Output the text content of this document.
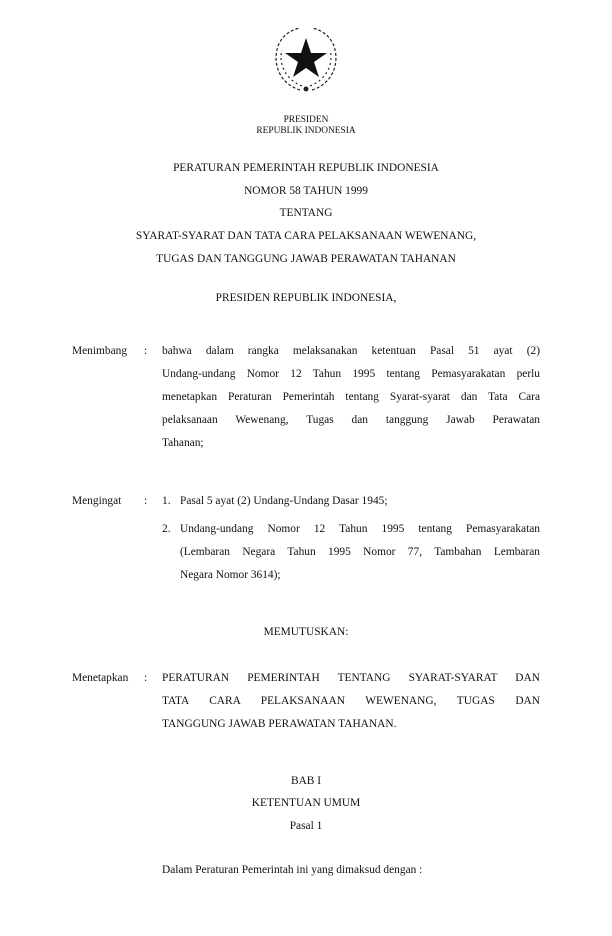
PRESIDEN
REPUBLIK INDONESIA
PERATURAN PEMERINTAH REPUBLIK INDONESIA
NOMOR 58 TAHUN 1999
TENTANG
SYARAT-SYARAT DAN TATA CARA PELAKSANAAN WEWENANG,
TUGAS DAN TANGGUNG JAWAB PERAWATAN TAHANAN
PRESIDEN REPUBLIK INDONESIA,
Menimbang : bahwa dalam rangka melaksanakan ketentuan Pasal 51 ayat (2)
Undang-undang Nomor 12 Tahun 1995 tentang Pemasyarakatan perlu
menetapkan Peraturan Pemerintah tentang Syarat-syarat dan Tata Cara
pelaksanaan Wewenang, Tugas dan tanggung Jawab Perawatan
Tahanan;
Mengingat : 1. Pasal 5 ayat (2) Undang-Undang Dasar 1945;
2. Undang-undang Nomor 12 Tahun 1995 tentang Pemasyarakatan
(Lembaran Negara Tahun 1995 Nomor 77, Tambahan Lembaran
Negara Nomor 3614);
MEMUTUSKAN:
Menetapkan : PERATURAN PEMERINTAH TENTANG SYARAT-SYARAT DAN
TATA CARA PELAKSANAAN WEWENANG, TUGAS DAN
TANGGUNG JAWAB PERAWATAN TAHANAN.
BAB I
KETENTUAN UMUM
Pasal 1
Dalam Peraturan Pemerintah ini yang dimaksud dengan :
